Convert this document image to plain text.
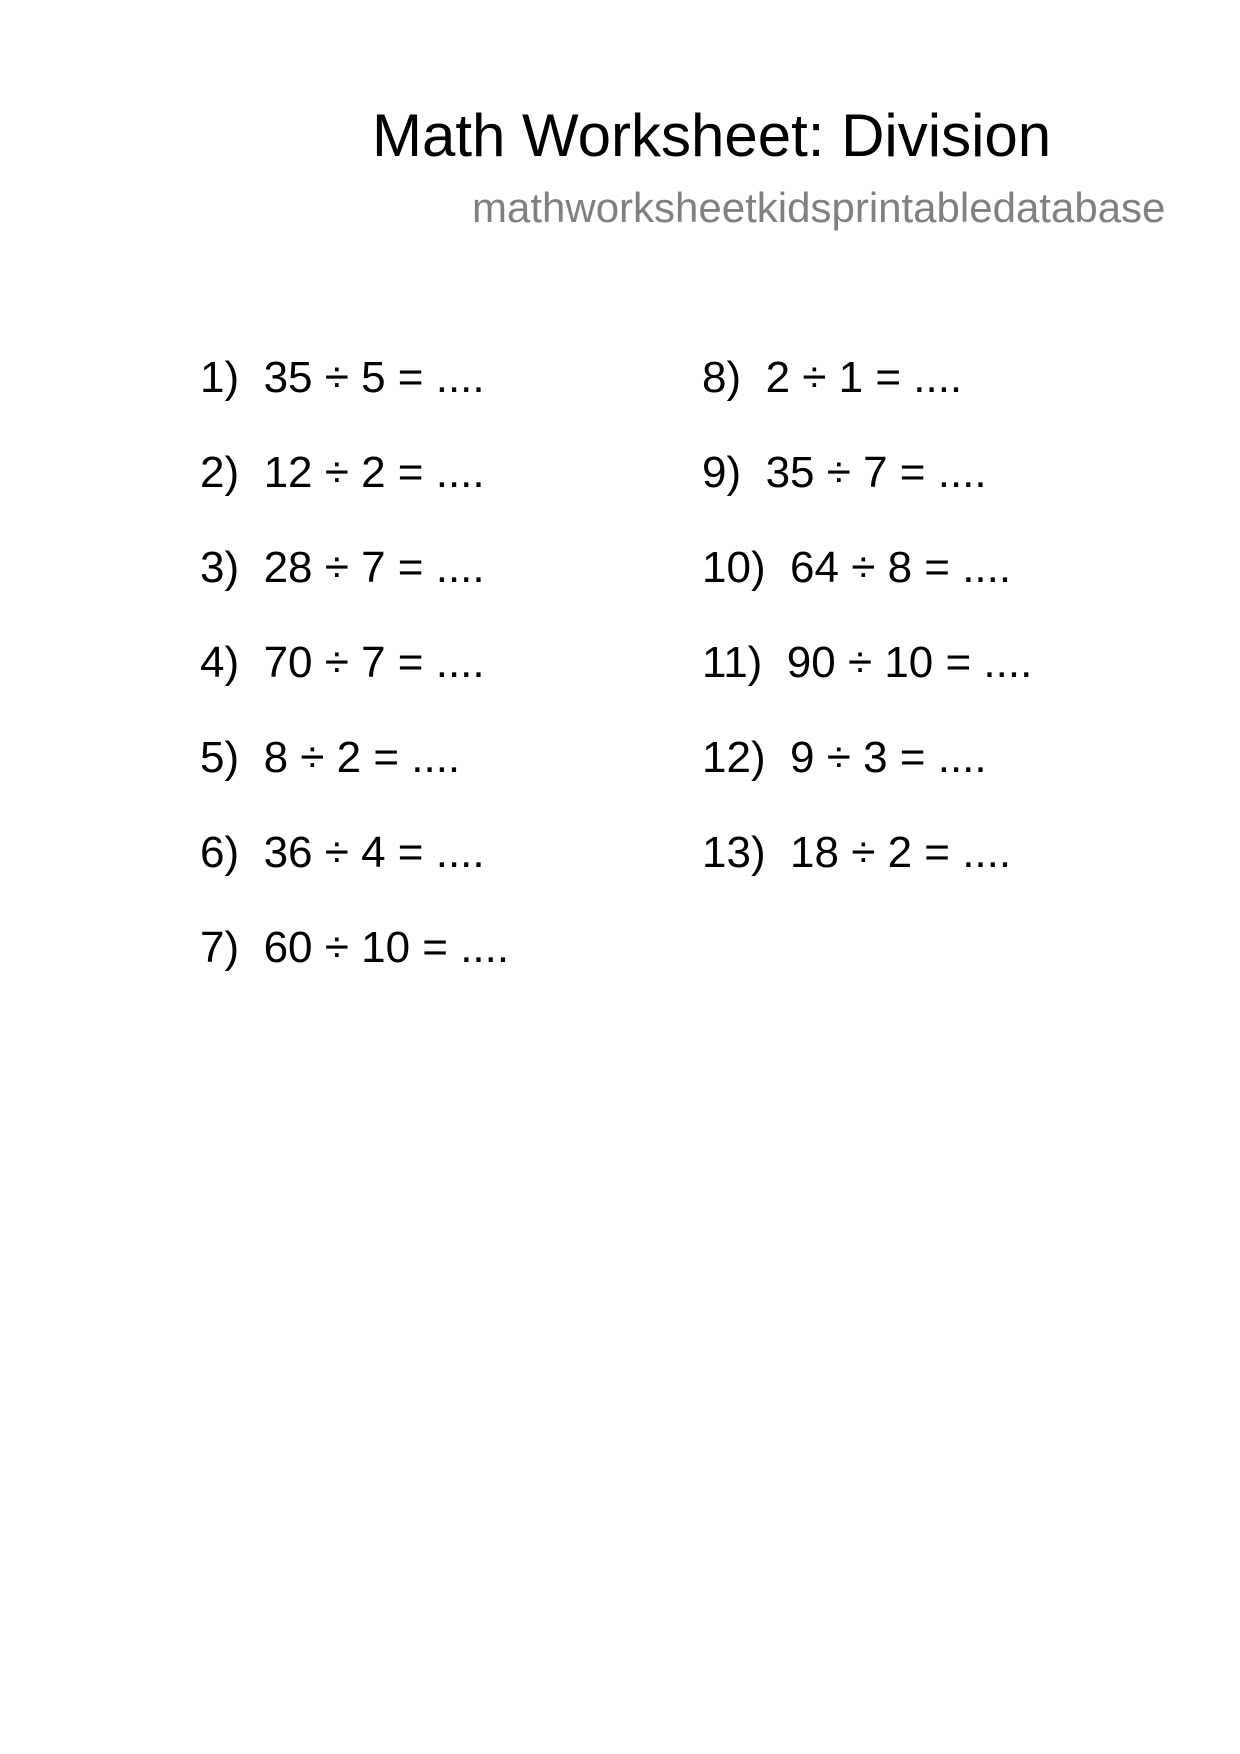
Math Worksheet: Division
mathworksheetkidsprintabledatabase
1)  35 ÷ 5 = ....
2)  12 ÷ 2 = ....
3)  28 ÷ 7 = ....
4)  70 ÷ 7 = ....
5)  8 ÷ 2 = ....
6)  36 ÷ 4 = ....
7)  60 ÷ 10 = ....
8)  2 ÷ 1 = ....
9)  35 ÷ 7 = ....
10)  64 ÷ 8 = ....
11)  90 ÷ 10 = ....
12)  9 ÷ 3 = ....
13)  18 ÷ 2 = ....
